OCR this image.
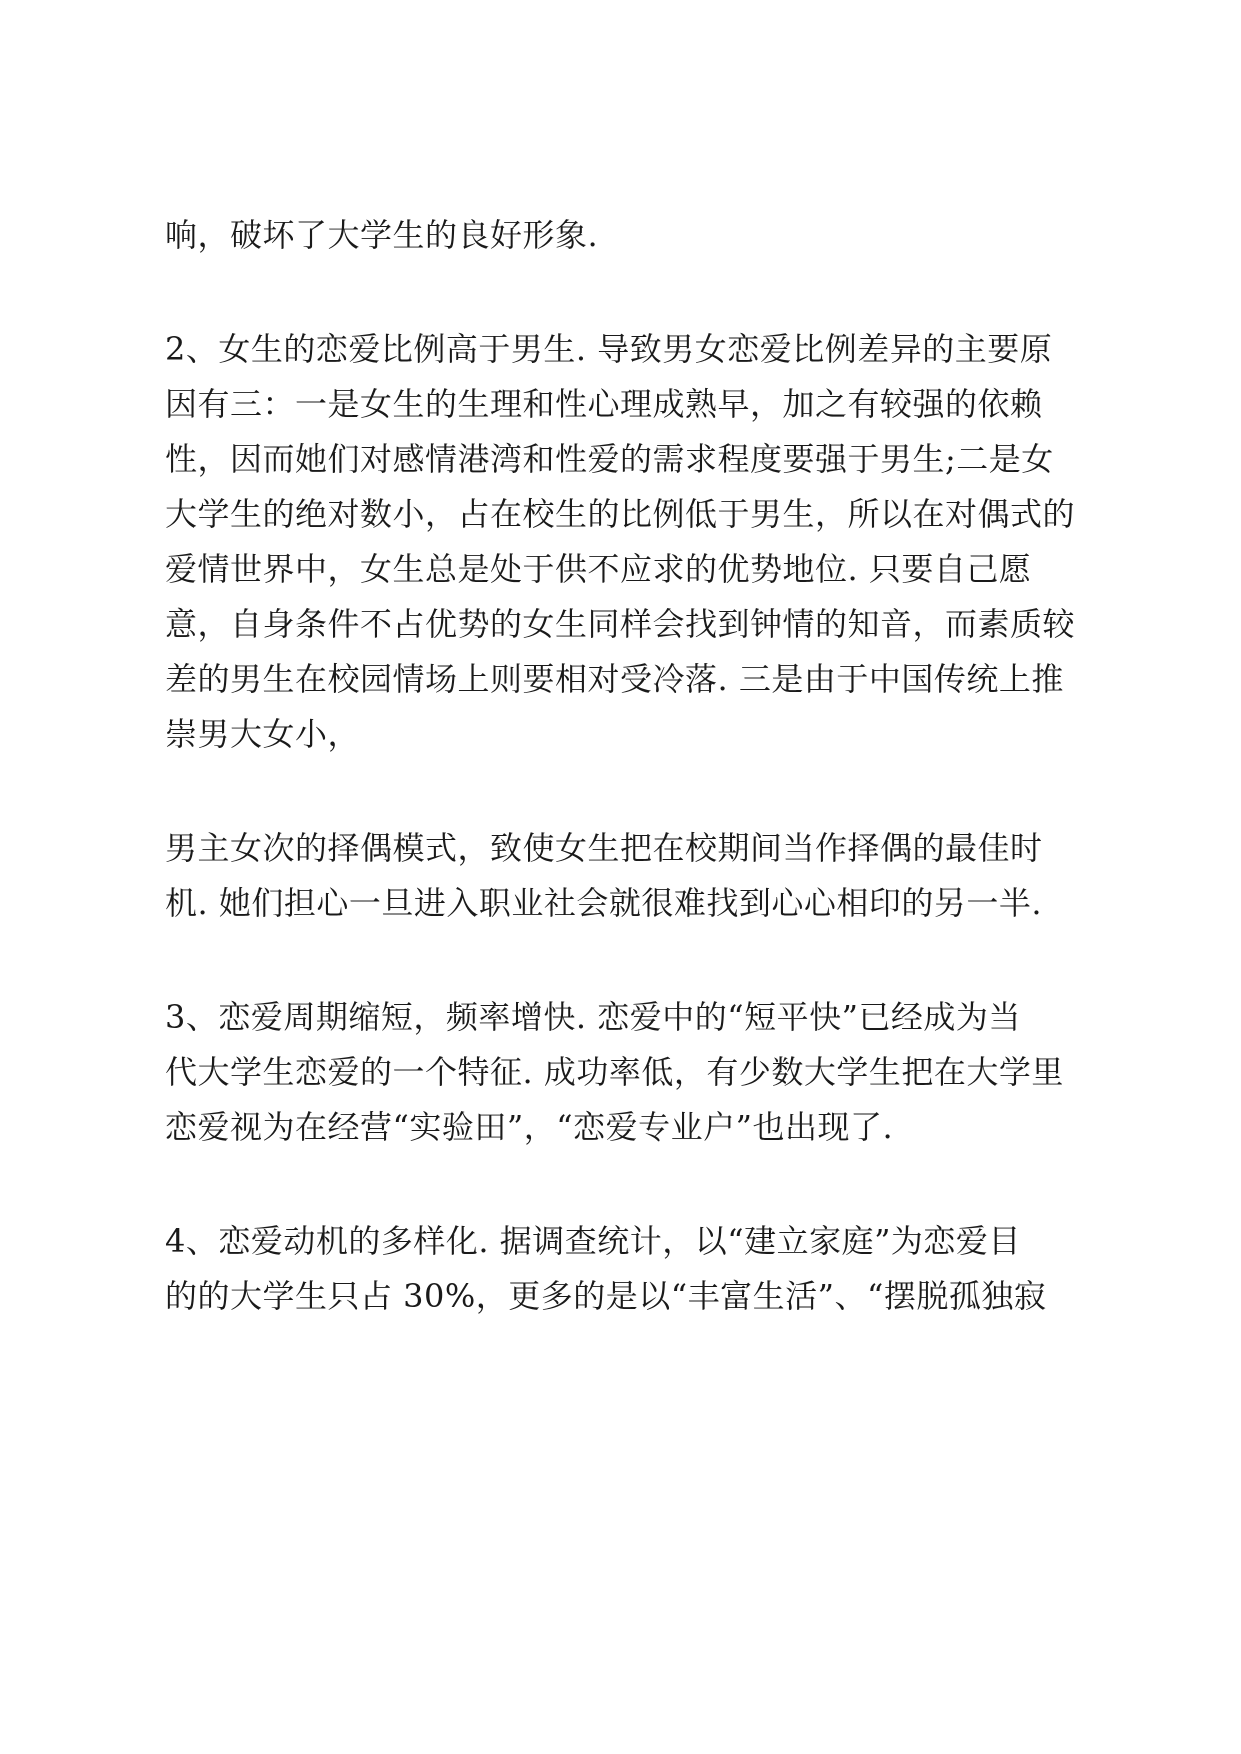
响，破坏了大学生的良好形象.
2、女生的恋爱比例高于男生. 导致男女恋爱比例差异的主要原
因有三：一是女生的生理和性心理成熟早，加之有较强的依赖
性，因而她们对感情港湾和性爱的需求程度要强于男生;二是女
大学生的绝对数小，占在校生的比例低于男生，所以在对偶式的
爱情世界中，女生总是处于供不应求的优势地位. 只要自己愿
意，自身条件不占优势的女生同样会找到钟情的知音，而素质较
差的男生在校园情场上则要相对受冷落. 三是由于中国传统上推
崇男大女小，
男主女次的择偶模式，致使女生把在校期间当作择偶的最佳时
机. 她们担心一旦进入职业社会就很难找到心心相印的另一半.
3、恋爱周期缩短，频率增快. 恋爱中的“短平快”已经成为当
代大学生恋爱的一个特征. 成功率低，有少数大学生把在大学里
恋爱视为在经营“实验田”，“恋爱专业户”也出现了.
4、恋爱动机的多样化. 据调查统计，以“建立家庭”为恋爱目
的的大学生只占 30%，更多的是以“丰富生活”、“摆脱孤独寂
